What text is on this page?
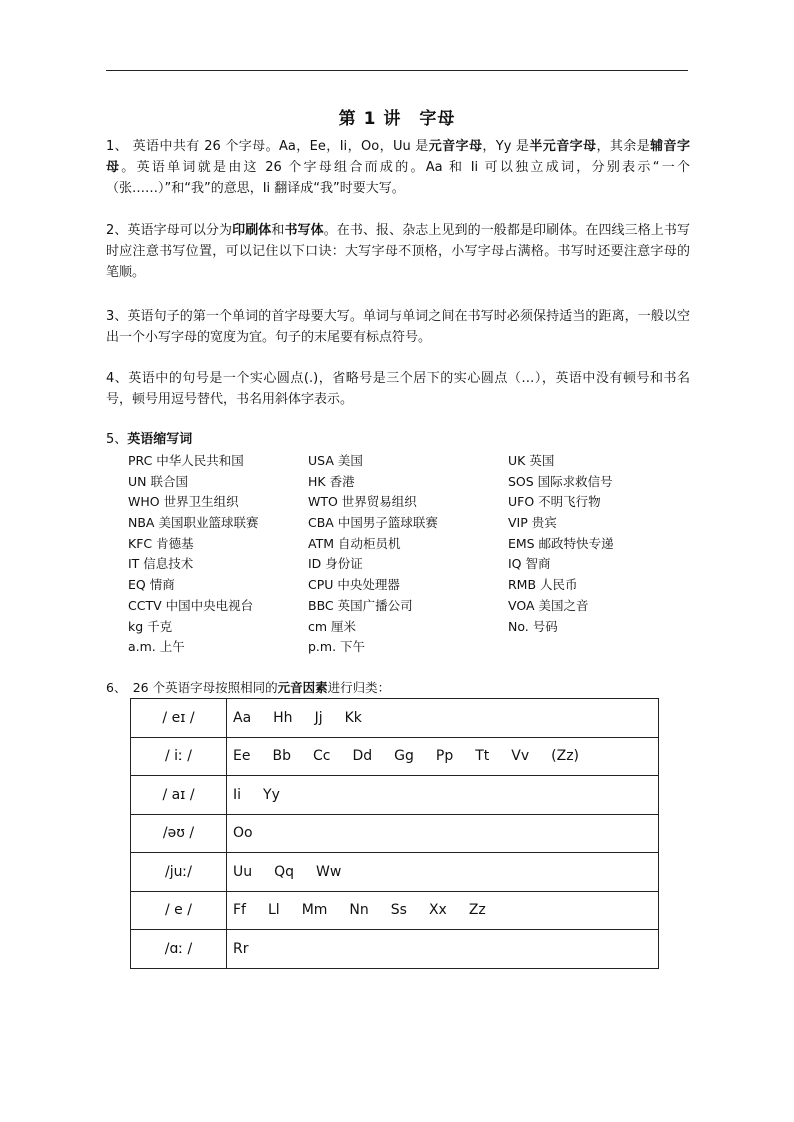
第 1 讲　字母
1、 英语中共有 26 个字母。Aa，Ee，Ii，Oo，Uu 是元音字母，Yy 是半元音字母，其余是辅音字母。英语单词就是由这 26 个字母组合而成的。Aa 和 Ii 可以独立成词，分别表示“一个（张……）”和“我”的意思，Ii 翻译成“我”时要大写。
2、英语字母可以分为印刷体和书写体。在书、报、杂志上见到的一般都是印刷体。在四线三格上书写时应注意书写位置，可以记住以下口诀：大写字母不顶格，小写字母占满格。书写时还要注意字母的笔顺。
3、英语句子的第一个单词的首字母要大写。单词与单词之间在书写时必须保持适当的距离，一般以空出一个小写字母的宽度为宜。句子的末尾要有标点符号。
4、英语中的句号是一个实心圆点(.)，省略号是三个居下的实心圆点（…），英语中没有顿号和书名号，顿号用逗号替代，书名用斜体字表示。
5、英语缩写词
PRC 中华人民共和国	USA 美国	UK 英国
UN 联合国	HK 香港	SOS 国际求救信号
WHO 世界卫生组织	WTO 世界贸易组织	UFO 不明飞行物
NBA 美国职业篮球联赛	CBA 中国男子篮球联赛	VIP 贵宾
KFC 肯德基	ATM 自动柜员机	EMS 邮政特快专递
IT 信息技术	ID 身份证	IQ 智商
EQ 情商	CPU 中央处理器	RMB 人民币
CCTV 中国中央电视台	BBC 英国广播公司	VOA 美国之音
kg 千克	cm 厘米	No. 号码
a.m. 上午	p.m. 下午
6、　26 个英语字母按照相同的元音因素进行归类：
/ eɪ /	Aa Hh Jj Kk
/ iː /	Ee Bb Cc Dd Gg Pp Tt Vv (Zz)
/ aɪ /	Ii Yy
/əʊ /	Oo
/juː/	Uu Qq Ww
/ e /	Ff Ll Mm Nn Ss Xx Zz
/ɑː /	Rr
